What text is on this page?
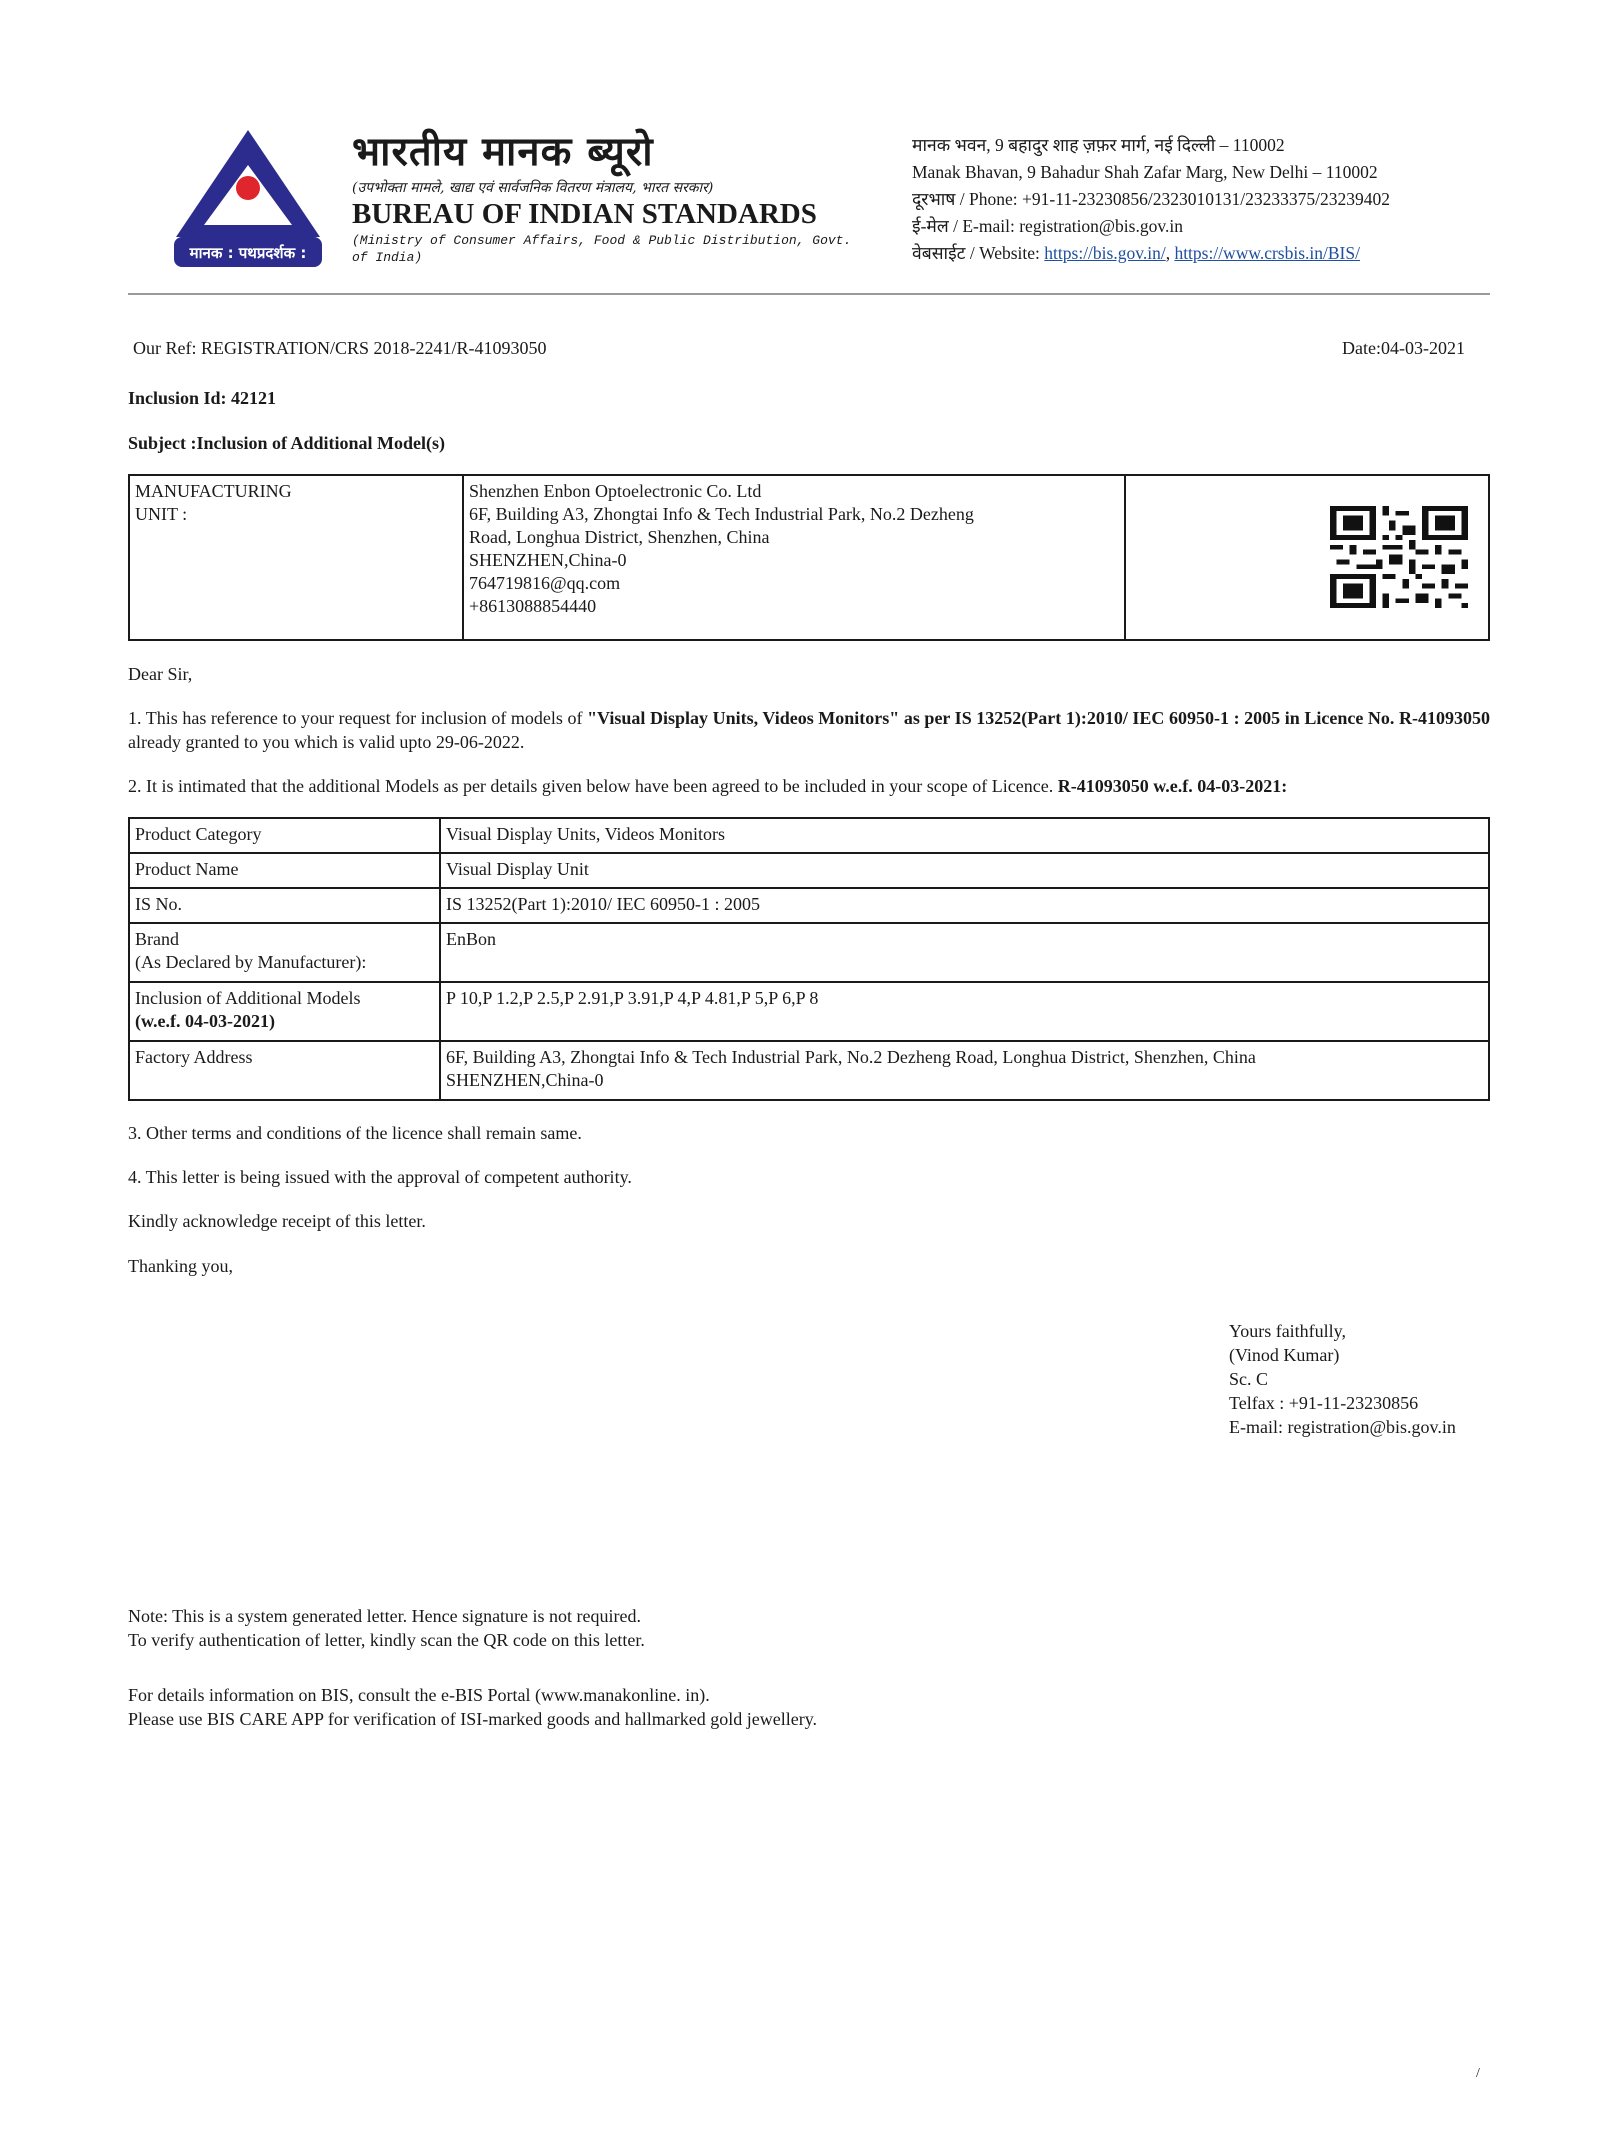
मानक : पथप्रदर्शक :
भारतीय मानक ब्यूरो
(उपभोक्ता मामले, खाद्य एवं सार्वजनिक वितरण मंत्रालय, भारत सरकार)
BUREAU OF INDIAN STANDARDS
(Ministry of Consumer Affairs, Food & Public Distribution, Govt. of India)
मानक भवन, 9 बहादुर शाह ज़फ़र मार्ग, नई दिल्ली – 110002
Manak Bhavan, 9 Bahadur Shah Zafar Marg, New Delhi – 110002
दूरभाष / Phone: +91-11-23230856/2323010131/23233375/23239402
ई-मेल / E-mail: registration@bis.gov.in
वेबसाईट / Website: https://bis.gov.in/, https://www.crsbis.in/BIS/
Our Ref: REGISTRATION/CRS 2018-2241/R-41093050	Date:04-03-2021
Inclusion Id: 42121
Subject :Inclusion of Additional Model(s)
MANUFACTURING
UNIT :

Shenzhen Enbon Optoelectronic Co. Ltd
6F, Building A3, Zhongtai Info & Tech Industrial Park, No.2 Dezheng
Road, Longhua District, Shenzhen, China
SHENZHEN,China-0
764719816@qq.com
+8613088854440

Dear Sir,
1. This has reference to your request for inclusion of models of "Visual Display Units, Videos Monitors" as per IS 13252(Part 1):2010/ IEC 60950-1 : 2005 in Licence No. R-41093050 already granted to you which is valid upto 29-06-2022.
2. It is intimated that the additional Models as per details given below have been agreed to be included in your scope of Licence. R-41093050 w.e.f. 04-03-2021:
Product Category	Visual Display Units, Videos Monitors
Product Name	Visual Display Unit
IS No.	IS 13252(Part 1):2010/ IEC 60950-1 : 2005

Brand
(As Declared by Manufacturer):	EnBon

Inclusion of Additional Models
(w.e.f. 04-03-2021)	P 10,P 1.2,P 2.5,P 2.91,P 3.91,P 4,P 4.81,P 5,P 6,P 8
Factory Address	6F, Building A3, Zhongtai Info & Tech Industrial Park, No.2 Dezheng Road, Longhua District, Shenzhen, China
SHENZHEN,China-0
3. Other terms and conditions of the licence shall remain same.
4. This letter is being issued with the approval of competent authority.
Kindly acknowledge receipt of this letter.
Thanking you,
Yours faithfully,
(Vinod Kumar)
Sc. C
Telfax : +91-11-23230856
E-mail: registration@bis.gov.in
Note: This is a system generated letter. Hence signature is not required.
To verify authentication of letter, kindly scan the QR code on this letter.
For details information on BIS, consult the e-BIS Portal (www.manakonline. in).
Please use BIS CARE APP for verification of ISI-marked goods and hallmarked gold jewellery.
/
